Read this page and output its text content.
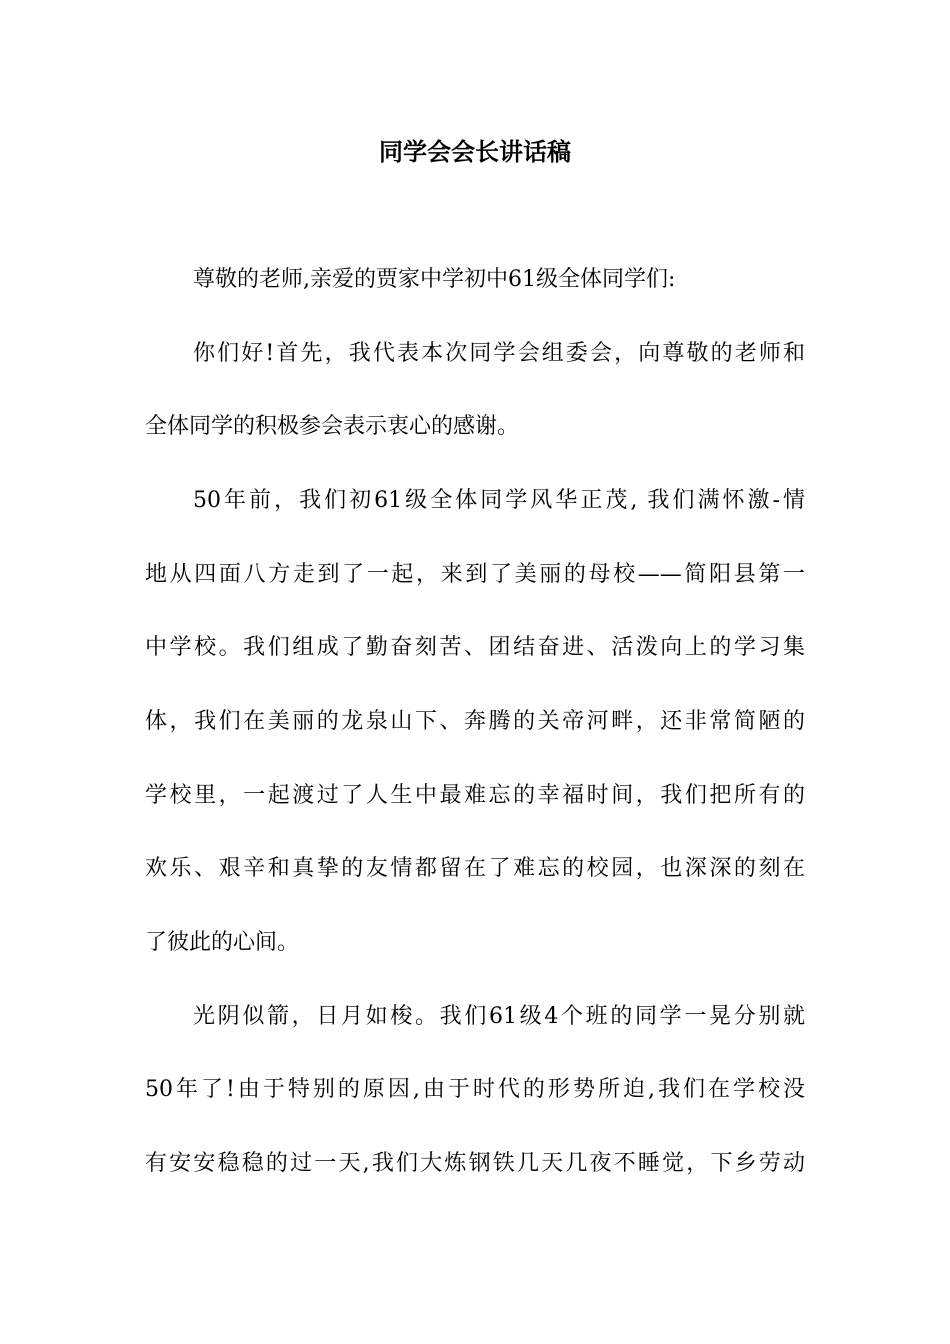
同学会会长讲话稿

尊敬的老师,亲爱的贾家中学初中61级全体同学们:

你们好!首先，我代表本次同学会组委会，向尊敬的老师和

全体同学的积极参会表示衷心的感谢。

50年前，我们初61级全体同学风华正茂, 我们满怀激-情

地从四面八方走到了一起，来到了美丽的母校——简阳县第一

中学校。我们组成了勤奋刻苦、团结奋进、活泼向上的学习集

体，我们在美丽的龙泉山下、奔腾的关帝河畔，还非常简陋的

学校里，一起渡过了人生中最难忘的幸福时间，我们把所有的

欢乐、艰辛和真挚的友情都留在了难忘的校园，也深深的刻在

了彼此的心间。

光阴似箭，日月如梭。我们61级4个班的同学一晃分别就

50年了!由于特别的原因,由于时代的形势所迫,我们在学校没

有安安稳稳的过一天,我们大炼钢铁几天几夜不睡觉，下乡劳动
